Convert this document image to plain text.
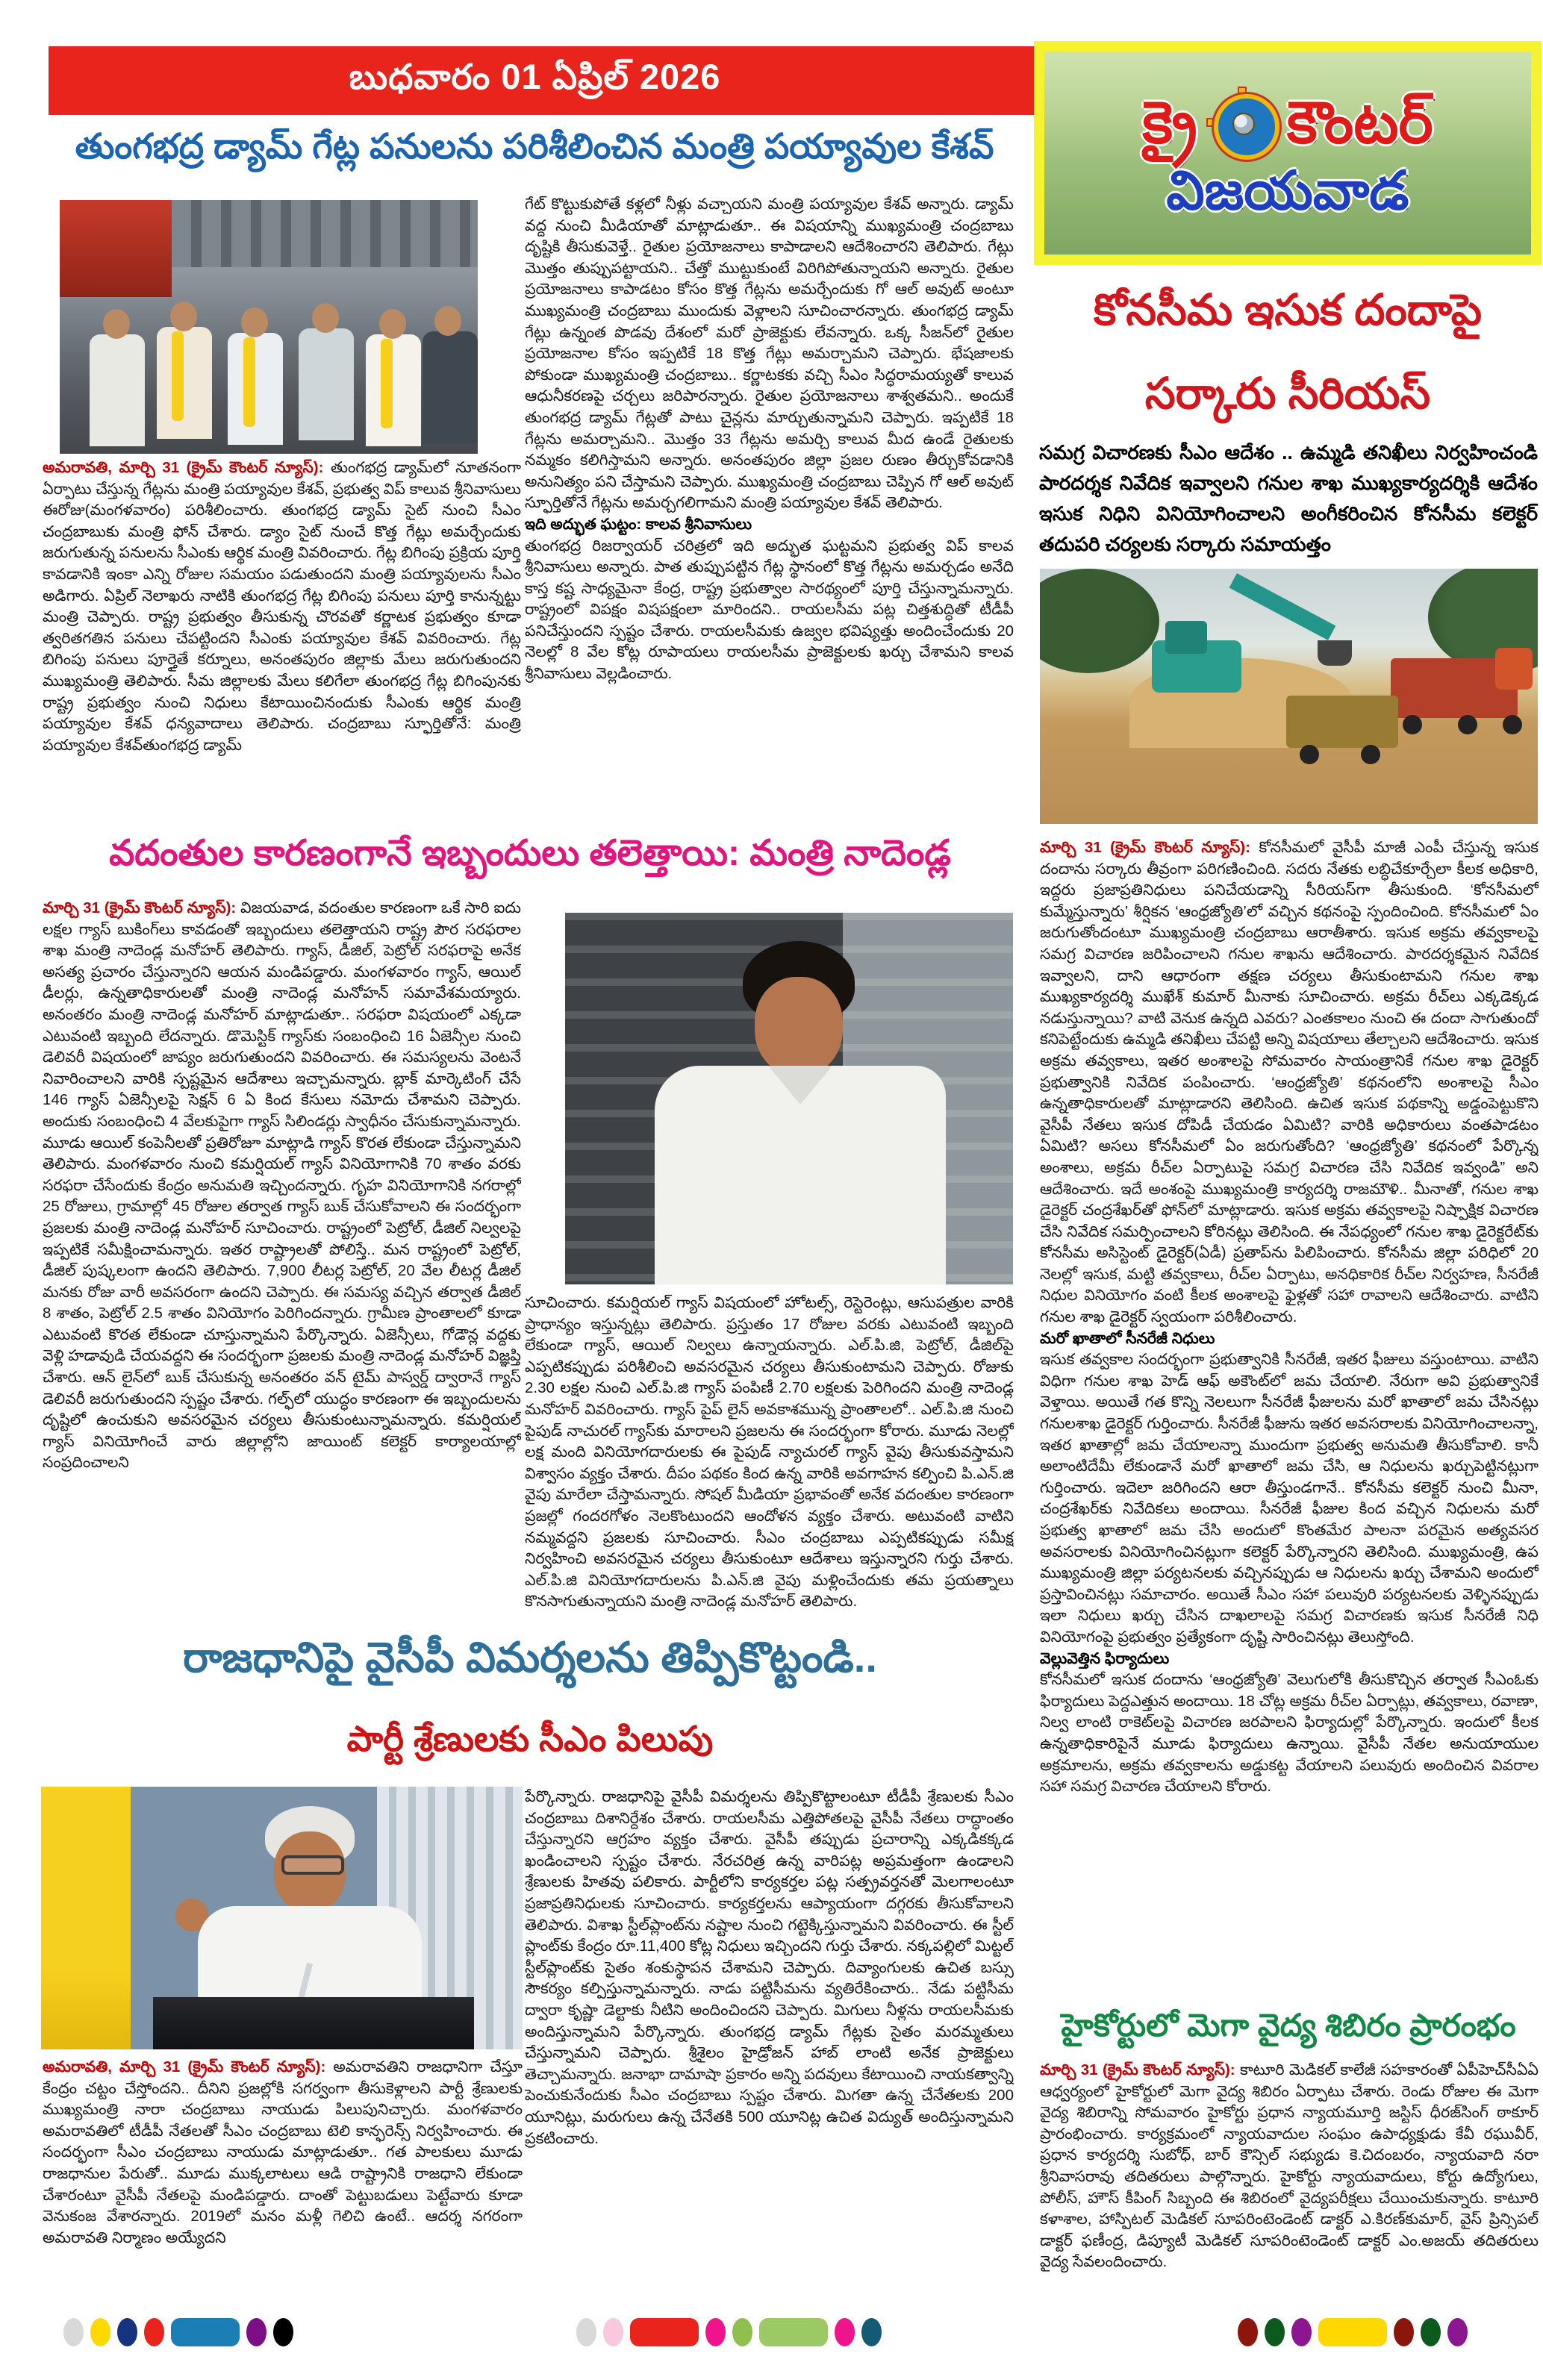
బుధవారం 01 ఏప్రిల్ 2026
క్రై కౌంటర్
విజయవాడ
తుంగభద్ర డ్యామ్ గేట్ల పనులను పరిశీలించిన మంత్రి పయ్యావుల కేశవ్

అమరావతి, మార్చి 31 (క్రైమ్ కౌంటర్ న్యూస్): తుంగభద్ర డ్యామ్‌లో నూతనంగా ఏర్పాటు చేస్తున్న గేట్లను మంత్రి పయ్యావుల కేశవ్, ప్రభుత్వ విప్ కాలువ శ్రీనివాసులు ఈరోజు(మంగళవారం) పరిశీలించారు. తుంగభద్ర డ్యామ్ సైట్ నుంచి సీఎం చంద్రబాబుకు మంత్రి ఫోన్ చేశారు. డ్యాం సైట్ నుంచే కొత్త గేట్లు అమర్చేందుకు జరుగుతున్న పనులను సీఎంకు ఆర్థిక మంత్రి వివరించారు. గేట్ల బిగింపు ప్రక్రియ పూర్తి కావడానికి ఇంకా ఎన్ని రోజుల సమయం పడుతుందని మంత్రి పయ్యావులను సీఎం అడిగారు. ఏప్రిల్ నెలాఖరు నాటికి తుంగభద్ర గేట్ల బిగింపు పనులు పూర్తి కానున్నట్టు మంత్రి చెప్పారు. రాష్ట్ర ప్రభుత్వం తీసుకున్న చొరవతో కర్ణాటక ప్రభుత్వం కూడా త్వరితగతిన పనులు చేపట్టిందని సీఎంకు పయ్యావుల కేశవ్ వివరించారు. గేట్ల బిగింపు పనులు పూర్తైతే కర్నూలు, అనంతపురం జిల్లాకు మేలు జరుగుతుందని ముఖ్యమంత్రి తెలిపారు. సీమ జిల్లాలకు మేలు కలిగేలా తుంగభద్ర గేట్ల బిగింపునకు రాష్ట్ర ప్రభుత్వం నుంచి నిధులు కేటాయించినందుకు సీఎంకు ఆర్థిక మంత్రి పయ్యావుల కేశవ్ ధన్యవాదాలు తెలిపారు. చంద్రబాబు స్ఫూర్తితోనే: మంత్రి పయ్యావుల కేశవ్‌తుంగభద్ర డ్యామ్

గేట్ కొట్టుకుపోతే కళ్లలో నీళ్లు వచ్చాయని మంత్రి పయ్యావుల కేశవ్ అన్నారు. డ్యామ్ వద్ద నుంచి మీడియాతో మాట్లాడుతూ.. ఈ విషయాన్ని ముఖ్యమంత్రి చంద్రబాబు దృష్టికి తీసుకువెళ్తే.. రైతుల ప్రయోజనాలు కాపాడాలని ఆదేశించారని తెలిపారు. గేట్లు మొత్తం తుప్పుపట్టాయని.. చేత్తో ముట్టుకుంటే విరిగిపోతున్నాయని అన్నారు. రైతుల ప్రయోజనాలు కాపాడటం కోసం కొత్త గేట్లను అమర్చేందుకు గో ఆల్ అవుట్ అంటూ ముఖ్యమంత్రి చంద్రబాబు ముందుకు వెళ్లాలని సూచించారన్నారు. తుంగభద్ర డ్యామ్ గేట్లు ఉన్నంత పొడవు దేశంలో మరో ప్రాజెక్టుకు లేవన్నారు. ఒక్క సీజన్‌లో రైతుల ప్రయోజనాల కోసం ఇప్పటికే 18 కొత్త గేట్లు అమర్చామని చెప్పారు. భేషజాలకు పోకుండా ముఖ్యమంత్రి చంద్రబాబు.. కర్ణాటకకు వచ్చి సీఎం సిద్ధరామయ్యతో కాలువ ఆధునీకరణపై చర్చలు జరిపారన్నారు. రైతుల ప్రయోజనాలు శాశ్వతమని.. అందుకే తుంగభద్ర డ్యామ్ గేట్లతో పాటు చైన్లను మార్చుతున్నామని చెప్పారు. ఇప్పటికే 18 గేట్లను అమర్చామని.. మొత్తం 33 గేట్లను అమర్చి కాలువ మీద ఉండే రైతులకు నమ్మకం కలిగిస్తామని అన్నారు. అనంతపురం జిల్లా ప్రజల రుణం తీర్చుకోవడానికి అనునిత్యం పని చేస్తామని చెప్పారు. ముఖ్యమంత్రి చంద్రబాబు చెప్పిన గో ఆల్ అవుట్ స్ఫూర్తితోనే గేట్లను అమర్చగలిగామని మంత్రి పయ్యావుల కేశవ్ తెలిపారు.

ఇది అద్భుత ఘట్టం: కాలవ శ్రీనివాసులు

తుంగభద్ర రిజర్వాయర్ చరిత్రలో ఇది అద్భుత ఘట్టమని ప్రభుత్వ విప్ కాలవ శ్రీనివాసులు అన్నారు. పాత తుప్పుపట్టిన గేట్ల స్థానంలో కొత్త గేట్లను అమర్చడం అనేది కాస్త కష్ట సాధ్యమైనా కేంద్ర, రాష్ట్ర ప్రభుత్వాల సారథ్యంలో పూర్తి చేస్తున్నామన్నారు. రాష్ట్రంలో విపక్షం విషపక్షంలా మారిందని.. రాయలసీమ పట్ల చిత్తశుద్ధితో టీడీపీ పనిచేస్తుందని స్పష్టం చేశారు. రాయలసీమకు ఉజ్వల భవిష్యత్తు అందించేందుకు 20 నెలల్లో 8 వేల కోట్ల రూపాయలు రాయలసీమ ప్రాజెక్టులకు ఖర్చు చేశామని కాలవ శ్రీనివాసులు వెల్లడించారు.

కోనసీమ ఇసుక దందాపై
సర్కారు సీరియస్
సమగ్ర విచారణకు సీఎం ఆదేశం .. ఉమ్మడి తనిఖీలు నిర్వహించండి పారదర్శక నివేదిక ఇవ్వాలని గనుల శాఖ ముఖ్యకార్యదర్శికి ఆదేశం ఇసుక నిధిని వినియోగించాలని అంగీకరించిన కోనసీమ కలెక్టర్ తదుపరి చర్యలకు సర్కారు సమాయత్తం

మార్చి 31 (క్రైమ్ కౌంటర్ న్యూస్): కోనసీమలో వైసీపీ మాజీ ఎంపీ చేస్తున్న ఇసుక దందాను సర్కారు తీవ్రంగా పరిగణించింది. సదరు నేతకు లబ్ధిచేకూర్చేలా కీలక అధికారి, ఇద్దరు ప్రజాప్రతినిధులు పనిచేయడాన్ని సీరియస్‌గా తీసుకుంది. ‘కోనసీమలో కుమ్మేస్తున్నారు’ శీర్షికన ‘ఆంధ్రజ్యోతి’లో వచ్చిన కథనంపై స్పందించింది. కోనసీమలో ఏం జరుగుతోందంటూ ముఖ్యమంత్రి చంద్రబాబు ఆరాతీశారు. ఇసుక అక్రమ తవ్వకాలపై సమగ్ర విచారణ జరిపించాలని గనుల శాఖను ఆదేశించారు. పారదర్శకమైన నివేదిక ఇవ్వాలని, దాని ఆధారంగా తక్షణ చర్యలు తీసుకుంటామని గనుల శాఖ ముఖ్యకార్యదర్శి ముఖేశ్ కుమార్ మీనాకు సూచించారు. అక్రమ రీచ్‌లు ఎక్కడెక్కడ నడుస్తున్నాయి? వాటి వెనుక ఉన్నది ఎవరు? ఎంతకాలం నుంచి ఈ దందా సాగుతుందో కనిపెట్టేందుకు ఉమ్మడి తనిఖీలు చేపట్టి అన్ని విషయాలు తేల్చాలని ఆదేశించారు. ఇసుక అక్రమ తవ్వకాలు, ఇతర అంశాలపై సోమవారం సాయంత్రానికే గనుల శాఖ డైరెక్టర్ ప్రభుత్వానికి నివేదిక పంపించారు. ‘ఆంధ్రజ్యోతి’ కథనంలోని అంశాలపై సీఎం ఉన్నతాధికారులతో మాట్లాడారని తెలిసింది. ఉచిత ఇసుక పథకాన్ని అడ్డంపెట్టుకొని వైసీపీ నేతలు ఇసుక దోపిడీ చేయడం ఏమిటి? వారికి అధికారులు వంతపాడటం ఏమిటి? అసలు కోనసీమలో ఏం జరుగుతోంది? ‘ఆంధ్రజ్యోతి’ కథనంలో పేర్కొన్న అంశాలు, అక్రమ రీచ్‌ల ఏర్పాటుపై సమగ్ర విచారణ చేసి నివేదిక ఇవ్వండి” అని ఆదేశించారు. ఇదే అంశంపై ముఖ్యమంత్రి కార్యదర్శి రాజమౌళి.. మీనాతో, గనుల శాఖ డైరెక్టర్ చంద్రశేఖర్‌తో ఫోన్‌లో మాట్లాడారు. ఇసుక అక్రమ తవ్వకాలపై నిష్పాక్షిక విచారణ చేసి నివేదిక సమర్పించాలని కోరినట్లు తెలిసింది. ఈ నేపధ్యంలో గనుల శాఖ డైరెక్టరేట్‌కు కోనసీమ అసిస్టెంట్ డైరెక్టర్(ఏడీ) ప్రతాప్‌ను పిలిపించారు. కోనసీమ జిల్లా పరిధిలో 20 నెలల్లో ఇసుక, మట్టి తవ్వకాలు, రీచ్‌ల ఏర్పాటు, అనధికారిక రీచ్‌ల నిర్వహణ, సీనరేజీ నిధుల వినియోగం వంటి కీలక అంశాలపై ఫైళ్లతో సహా రావాలని ఆదేశించారు. వాటిని గనుల శాఖ డైరెక్టర్ స్వయంగా పరిశీలించారు.

మరో ఖాతాలో సీనరేజీ నిధులు

ఇసుక తవ్వకాల సందర్భంగా ప్రభుత్వానికి సీనరేజీ, ఇతర ఫీజులు వస్తుంటాయి. వాటిని విధిగా గనుల శాఖ హెడ్ ఆఫ్ అకౌంట్‌లో జమ చేయాలి. నేరుగా అవి ప్రభుత్వానికే వెళ్తాయి. అయితే గత కొన్ని నెలలుగా సీనరేజీ ఫీజులను మరో ఖాతాలో జమ చేసినట్లు గనులశాఖ డైరెక్టర్ గుర్తించారు. సీనరేజీ ఫీజును ఇతర అవసరాలకు వినియోగించాలన్నా, ఇతర ఖాతాల్లో జమ చేయాలన్నా ముందుగా ప్రభుత్వ అనుమతి తీసుకోవాలి. కానీ అలాంటిదేమీ లేకుండానే మరో ఖాతాలో జమ చేసి, ఆ నిధులను ఖర్చుపెట్టినట్లుగా గుర్తించారు. ఇదెలా జరిగిందని ఆరా తీస్తుండగానే.. కోనసీమ కలెక్టర్ నుంచి మీనా, చంద్రశేఖర్‌కు నివేదికలు అందాయి. సీనరేజీ ఫీజుల కింద వచ్చిన నిధులను మరో ప్రభుత్వ ఖాతాలో జమ చేసి అందులో కొంతమేర పాలనా పరమైన అత్యవసర అవసరాలకు వినియోగించినట్లుగా కలెక్టర్ పేర్కొన్నారని తెలిసింది. ముఖ్యమంత్రి, ఉప ముఖ్యమంత్రి జిల్లా పర్యటనలకు వచ్చినప్పుడు ఆ నిధులను ఖర్చు చేశామని అందులో ప్రస్తావించినట్లు సమాచారం. అయితే సీఎం సహా పలువురి పర్యటనలకు వెళ్ళినప్పుడు ఇలా నిధులు ఖర్చు చేసిన దాఖలాలపై సమగ్ర విచారణకు ఇసుక సీనరేజీ నిధి వినియోగంపై ప్రభుత్వం ప్రత్యేకంగా దృష్టి సారించినట్లు తెలుస్తోంది.

వెల్లువెత్తిన ఫిర్యాదులు

కోనసీమలో ఇసుక దందాను ‘ఆంధ్రజ్యోతి’ వెలుగులోకి తీసుకొచ్చిన తర్వాత సీఎంఓకు ఫిర్యాదులు పెద్దఎత్తున అందాయి. 18 చోట్ల అక్రమ రీచ్‌ల ఏర్పాట్లు, తవ్వకాలు, రవాణా, నిల్వ లాంటి రాకెట్‌లపై విచారణ జరపాలని ఫిర్యాదుల్లో పేర్కొన్నారు. ఇందులో కీలక ఉన్నతాధికారిపైనే మూడు ఫిర్యాదులు ఉన్నాయి. వైసీపీ నేతల అనుయాయుల అక్రమాలను, అక్రమ తవ్వకాలను అడ్డుకట్ట వేయాలని పలువురు అందించిన వివరాల సహా సమగ్ర విచారణ చేయాలని కోరారు.

వదంతుల కారణంగానే ఇబ్బందులు తలెత్తాయి: మంత్రి నాదెండ్ల

మార్చి 31 (క్రైమ్ కౌంటర్ న్యూస్): విజయవాడ, వదంతుల కారణంగా ఒకే సారి ఐదు లక్షల గ్యాస్ బుకింగ్‌లు కావడంతో ఇబ్బందులు తలెత్తాయని రాష్ట్ర పౌర సరఫరాల శాఖ మంత్రి నాదెండ్ల మనోహర్ తెలిపారు. గ్యాస్, డీజిల్, పెట్రోల్ సరఫరాపై అనేక అసత్య ప్రచారం చేస్తున్నారని ఆయన మండిపడ్డారు. మంగళవారం గ్యాస్, ఆయిల్ డీలర్లు, ఉన్నతాధికారులతో మంత్రి నాదెండ్ల మనోహన్ సమావేశమయ్యారు. అనంతరం మంత్రి నాదెండ్ల మనోహర్ మాట్లాడుతూ.. సరఫరా విషయంలో ఎక్కడా ఎటువంటి ఇబ్బంది లేదన్నారు. డొమెస్టిక్ గ్యాస్‌కు సంబంధించి 16 ఏజెన్సీల నుంచి డెలివరీ విషయంలో జాప్యం జరుగుతుందని వివరించారు. ఈ సమస్యలను వెంటనే నివారించాలని వారికి స్పష్టమైన ఆదేశాలు ఇచ్చామన్నారు. బ్లాక్ మార్కెటింగ్ చేసే 146 గ్యాస్ ఏజెన్సీలపై సెక్షన్ 6 ఏ కింద కేసులు నమోదు చేశామని చెప్పారు. అందుకు సంబంధించి 4 వేలకుపైగా గ్యాస్ సిలిండర్లు స్వాధీనం చేసుకున్నామన్నారు. మూడు ఆయిల్ కంపెనీలతో ప్రతిరోజూ మాట్లాడి గ్యాస్ కొరత లేకుండా చేస్తున్నామని తెలిపారు. మంగళవారం నుంచి కమర్షియల్ గ్యాస్ వినియోగానికి 70 శాతం వరకు సరఫరా చేసేందుకు కేంద్రం అనుమతి ఇచ్చిందన్నారు. గృహ వినియోగానికి నగరాల్లో 25 రోజులు, గ్రామాల్లో 45 రోజుల తర్వాత గ్యాస్ బుక్ చేసుకోవాలని ఈ సందర్భంగా ప్రజలకు మంత్రి నాదెండ్ల మనోహర్ సూచించారు. రాష్ట్రంలో పెట్రోల్, డీజిల్ నిల్వలపై ఇప్పటికే సమీక్షించామన్నారు. ఇతర రాష్ట్రాలతో పోలిస్తే.. మన రాష్ట్రంలో పెట్రోల్, డీజిల్ పుష్కలంగా ఉందని తెలిపారు. 7,900 లీటర్ల పెట్రోల్, 20 వేల లీటర్ల డీజిల్ మనకు రోజు వారీ అవసరంగా ఉందని చెప్పారు. ఈ సమస్య వచ్చిన తర్వాత డీజిల్ 8 శాతం, పెట్రోల్ 2.5 శాతం వినియోగం పెరిగిందన్నారు. గ్రామీణ ప్రాంతాలలో కూడా ఎటువంటి కొరత లేకుండా చూస్తున్నామని పేర్కొన్నారు. ఏజెన్సీలు, గోడౌన్ల వద్దకు వెళ్లి హడావుడి చేయవద్దని ఈ సందర్భంగా ప్రజలకు మంత్రి నాదెండ్ల మనోహర్ విజ్ఞప్తి చేశారు. ఆన్ లైన్‌లో బుక్ చేసుకున్న అనంతరం వన్ టైమ్ పాస్వర్డ్ ద్వారానే గ్యాస్ డెలివరీ జరుగుతుందని స్పష్టం చేశారు. గల్ఫ్‌లో యుద్ధం కారణంగా ఈ ఇబ్బందులను దృష్టిలో ఉంచుకుని అవసరమైన చర్యలు తీసుకుంటున్నామన్నారు. కమర్షియల్ గ్యాస్ వినియోగించే వారు జిల్లాల్లోని జాయింట్ కలెక్టర్ కార్యాలయాల్లో సంప్రదించాలని

సూచించారు. కమర్షియల్ గ్యాస్ విషయంలో హోటల్స్, రెస్టెరెంట్లు, ఆసుపత్రుల వారికి ప్రాధాన్యం ఇస్తున్నట్లు తెలిపారు. ప్రస్తుతం 17 రోజుల వరకు ఎటువంటి ఇబ్బంది లేకుండా గ్యాస్, ఆయిల్ నిల్వలు ఉన్నాయన్నారు. ఎల్.పి.జి, పెట్రోల్, డీజిల్‌పై ఎప్పటికప్పుడు పరిశీలించి అవసరమైన చర్యలు తీసుకుంటామని చెప్పారు. రోజుకు 2.30 లక్షల నుంచి ఎల్.పి.జి గ్యాస్ పంపిణీ 2.70 లక్షలకు పెరిగిందని మంత్రి నాదెండ్ల మనోహర్ వివరించారు. గ్యాస్ పైప్ లైన్ అవకాశమున్న ప్రాంతాలలో.. ఎల్.పి.జి నుంచి పైపుడ్ నాచురల్ గ్యాస్‌కు మారాలని ప్రజలను ఈ సందర్భంగా కోరారు. మూడు నెలల్లో లక్ష మంది వినియోగదారులకు ఈ పైపుడ్ న్యాచురల్ గ్యాస్ వైపు తీసుకువస్తామని విశ్వాసం వ్యక్తం చేశారు. దీపం పథకం కింద ఉన్న వారికి అవగాహన కల్పించి పి.ఎన్.జి వైపు మారేలా చేస్తామన్నారు. సోషల్ మీడియా ప్రభావంతో అనేక వదంతుల కారణంగా ప్రజల్లో గందరగోళం నెలకొంటుందని ఆందోళన వ్యక్తం చేశారు. అటువంటి వాటిని నమ్మవద్దని ప్రజలకు సూచించారు. సీఎం చంద్రబాబు ఎప్పటికప్పుడు సమీక్ష నిర్వహించి అవసరమైన చర్యలు తీసుకుంటూ ఆదేశాలు ఇస్తున్నారని గుర్తు చేశారు. ఎల్.పి.జి వినియోగదారులను పి.ఎన్.జి వైపు మళ్లించేందుకు తమ ప్రయత్నాలు కొనసాగుతున్నాయని మంత్రి నాదెండ్ల మనోహర్ తెలిపారు.

రాజధానిపై వైసీపీ విమర్శలను తిప్పికొట్టండి..
పార్టీ శ్రేణులకు సీఎం పిలుపు

అమరావతి, మార్చి 31 (క్రైమ్ కౌంటర్ న్యూస్): అమరావతిని రాజధానిగా చేస్తూ కేంద్రం చట్టం చేస్తోందని.. దీనిని ప్రజల్లోకి సగర్వంగా తీసుకెళ్లాలని పార్టీ శ్రేణులకు ముఖ్యమంత్రి నారా చంద్రబాబు నాయుడు పిలుపునిచ్చారు. మంగళవారం అమరావతిలో టీడీపీ నేతలతో సీఎం చంద్రబాబు టెలి కాన్ఫరెన్స్ నిర్వహించారు. ఈ సందర్భంగా సీఎం చంద్రబాబు నాయుడు మాట్లాడుతూ.. గత పాలకులు మూడు రాజధానుల పేరుతో.. మూడు ముక్కలాటలు ఆడి రాష్ట్రానికి రాజధాని లేకుండా చేశారంటూ వైసీపీ నేతలపై మండిపడ్డారు. దాంతో పెట్టుబడులు పెట్టేవారు కూడా వెనుకంజ వేశారన్నారు. 2019లో మనం మళ్లీ గెలిచి ఉంటే.. ఆదర్శ నగరంగా అమరావతి నిర్మాణం అయ్యేదని

పేర్కొన్నారు. రాజధానిపై వైసీపీ విమర్శలను తిప్పికొట్టాలంటూ టీడీపీ శ్రేణులకు సీఎం చంద్రబాబు దిశానిర్దేశం చేశారు. రాయలసీమ ఎత్తిపోతలపై వైసీపీ నేతలు రాద్ధాంతం చేస్తున్నారని ఆగ్రహం వ్యక్తం చేశారు. వైసీపీ తప్పుడు ప్రచారాన్ని ఎక్కడికక్కడ ఖండించాలని స్పష్టం చేశారు. నేరచరిత్ర ఉన్న వారిపట్ల అప్రమత్తంగా ఉండాలని శ్రేణులకు హితవు పలికారు. పార్టీలోని కార్యకర్తల పట్ల సత్ప్రవర్తనతో మెలగాలంటూ ప్రజాప్రతినిధులకు సూచించారు. కార్యకర్తలను ఆప్యాయంగా దగ్గరకు తీసుకోవాలని తెలిపారు. విశాఖ స్టీల్‌ప్లాంట్‌ను నష్టాల నుంచి గట్టెక్కిస్తున్నామని వివరించారు. ఈ స్టీల్ ప్లాంట్‌కు కేంద్రం రూ.11,400 కోట్ల నిధులు ఇచ్చిందని గుర్తు చేశారు. నక్కపల్లిలో మిట్టల్ స్టీల్‌ప్లాంట్‌కు సైతం శంకుస్థాపన చేశామని చెప్పారు. దివ్యాంగులకు ఉచిత బస్సు సౌకర్యం కల్పిస్తున్నామన్నారు. నాడు పట్టిసీమను వ్యతిరేకించారు.. నేడు పట్టిసీమ ద్వారా కృష్ణా డెల్టాకు నీటిని అందించిందని చెప్పారు. మిగులు నీళ్లను రాయలసీమకు అందిస్తున్నామని పేర్కొన్నారు. తుంగభద్ర డ్యామ్ గేట్లకు సైతం మరమ్మతులు చేస్తున్నామని చెప్పారు. శ్రీశైలం హైడ్రోజన్ హాబ్ లాంటి అనేక ప్రాజెక్టులు తెచ్చామన్నారు. జనాభా దామాషా ప్రకారం అన్ని పదవులు కేటాయించి నాయకత్వాన్ని పెంచుకునేందుకు సీఎం చంద్రబాబు స్పష్టం చేశారు. మిగతా ఉన్న చేనేతలకు 200 యూనిట్లు, మరుగులు ఉన్న చేనేతకి 500 యూనిట్ల ఉచిత విద్యుత్ అందిస్తున్నామని ప్రకటించారు.

హైకోర్టులో మెగా వైద్య శిబిరం ప్రారంభం

మార్చి 31 (క్రైమ్ కౌంటర్ న్యూస్): కాటూరి మెడికల్ కాలేజీ సహకారంతో ఏపీహెచ్‌సీఏఏ ఆధ్వర్యంలో హైకోర్టులో మెగా వైద్య శిబిరం ఏర్పాటు చేశారు. రెండు రోజుల ఈ మెగా వైద్య శిబిరాన్ని సోమవారం హైకోర్టు ప్రధాన న్యాయమూర్తి జస్టిస్ ధీరజ్‌సింగ్ ఠాకూర్ ప్రారంభించారు. కార్యక్రమంలో న్యాయవాదుల సంఘం ఉపాధ్యక్షుడు కేవీ రఘువీర్, ప్రధాన కార్యదర్శి సుబోధ్, బార్ కౌన్సిల్ సభ్యుడు కె.చిదంబరం, న్యాయవాది నరా శ్రీనివాసరావు తదితరులు పాల్గొన్నారు. హైకోర్టు న్యాయవాదులు, కోర్టు ఉద్యోగులు, పోలీస్, హౌస్ కీపింగ్ సిబ్బంది ఈ శిబిరంలో వైద్యపరీక్షలు చేయించుకున్నారు. కాటూరి కళాశాల, హాస్పిటల్ మెడికల్ సూపరింటెండెంట్ డాక్టర్ ఎ.కిరణ్‌కుమార్, వైస్ ప్రిన్సిపల్ డాక్టర్ ఫణీంద్ర, డిప్యూటీ మెడికల్ సూపరింటెండెంట్ డాక్టర్ ఎం.అజయ్ తదితరులు వైద్య సేవలందించారు.
